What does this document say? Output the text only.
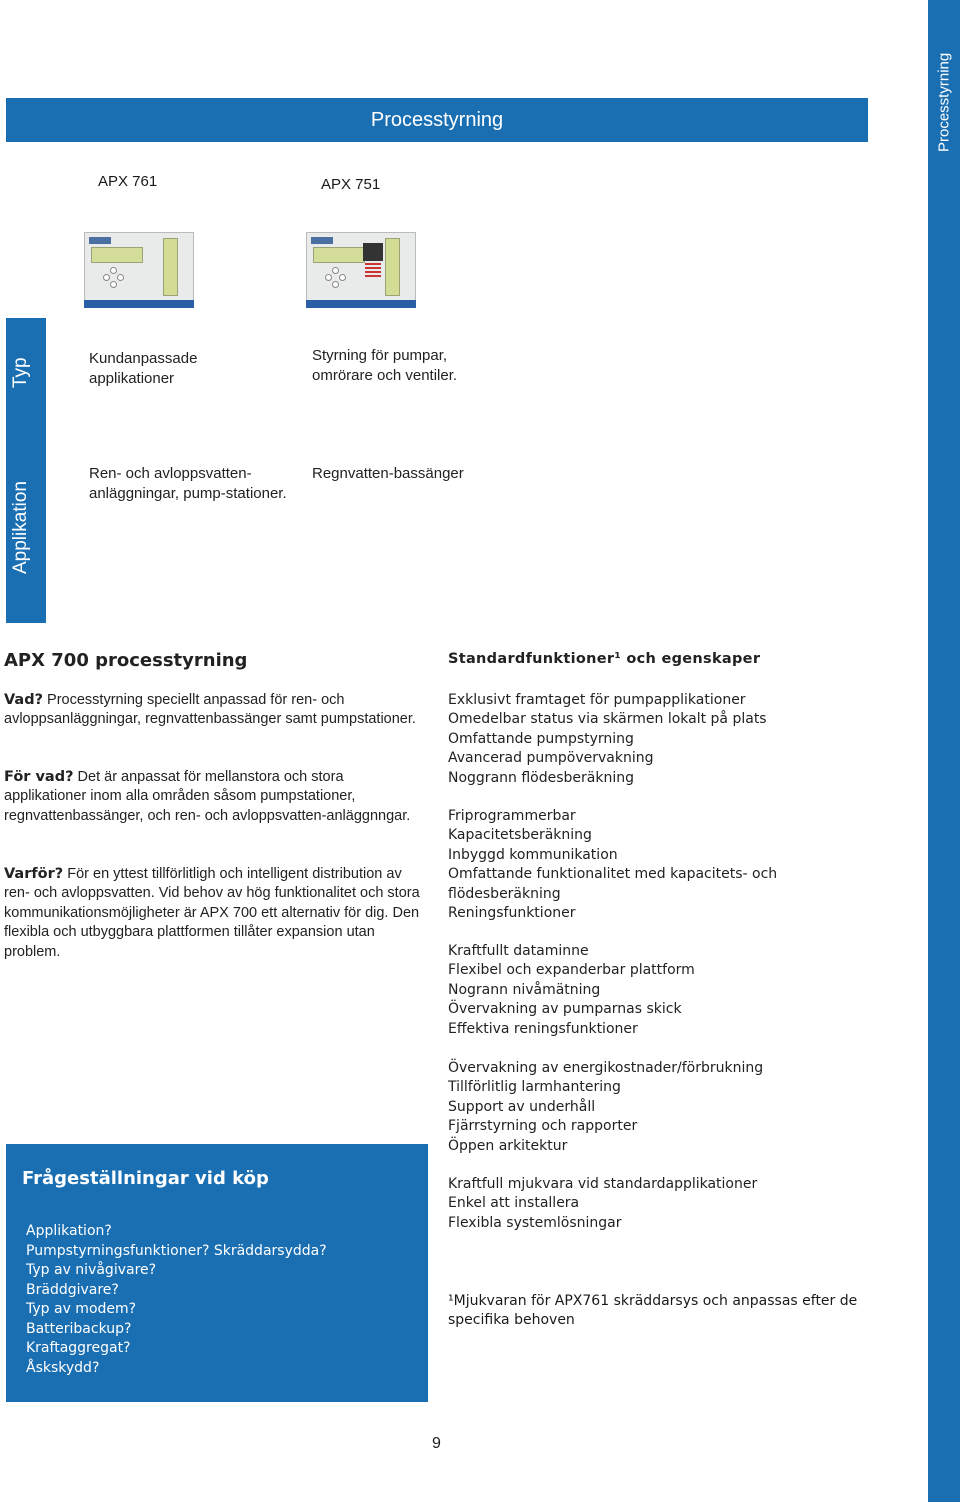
Processtyrning
Processtyrning
APX 761	APX 751
Typ
Applikation
Kundanpassade applikationer
Styrning för pumpar, omrörare och ventiler.
Ren- och avloppsvatten-anläggningar, pump-stationer.
Regnvatten-bassänger
APX 700 processtyrning
Vad? Processtyrning speciellt anpassad för ren- och avloppsanläggningar, regnvattenbassänger samt pumpstationer.
För vad? Det är anpassat för mellanstora och stora applikationer inom alla områden såsom pumpstationer, regnvattenbassänger, och ren- och avloppsvatten-anläggnngar.
Varför? För en yttest tillförlitligh och intelligent distribution av ren- och avloppsvatten. Vid behov av hög funktionalitet och stora kommunikationsmöjligheter är APX 700 ett alternativ för dig. Den flexibla och utbyggbara plattformen tillåter expansion utan problem.
Standardfunktioner¹ och egenskaper
Exklusivt framtaget för pumpapplikationer
Omedelbar status via skärmen lokalt på plats
Omfattande pumpstyrning
Avancerad pumpövervakning
Noggrann flödesberäkning
Friprogrammerbar
Kapacitetsberäkning
Inbyggd kommunikation
Omfattande funktionalitet med kapacitets- och
flödesberäkning
Reningsfunktioner
Kraftfullt dataminne
Flexibel och expanderbar plattform
Nogrann nivåmätning
Övervakning av pumparnas skick
Effektiva reningsfunktioner
Övervakning av energikostnader/förbrukning
Tillförlitlig larmhantering
Support av underhåll
Fjärrstyrning och rapporter
Öppen arkitektur
Kraftfull mjukvara vid standardapplikationer
Enkel att installera
Flexibla systemlösningar
¹Mjukvaran för APX761 skräddarsys och anpassas efter de specifika behoven
Frågeställningar vid köp
Applikation?
Pumpstyrningsfunktioner? Skräddarsydda?
Typ av nivågivare?
Bräddgivare?
Typ av modem?
Batteribackup?
Kraftaggregat?
Åskskydd?
9
